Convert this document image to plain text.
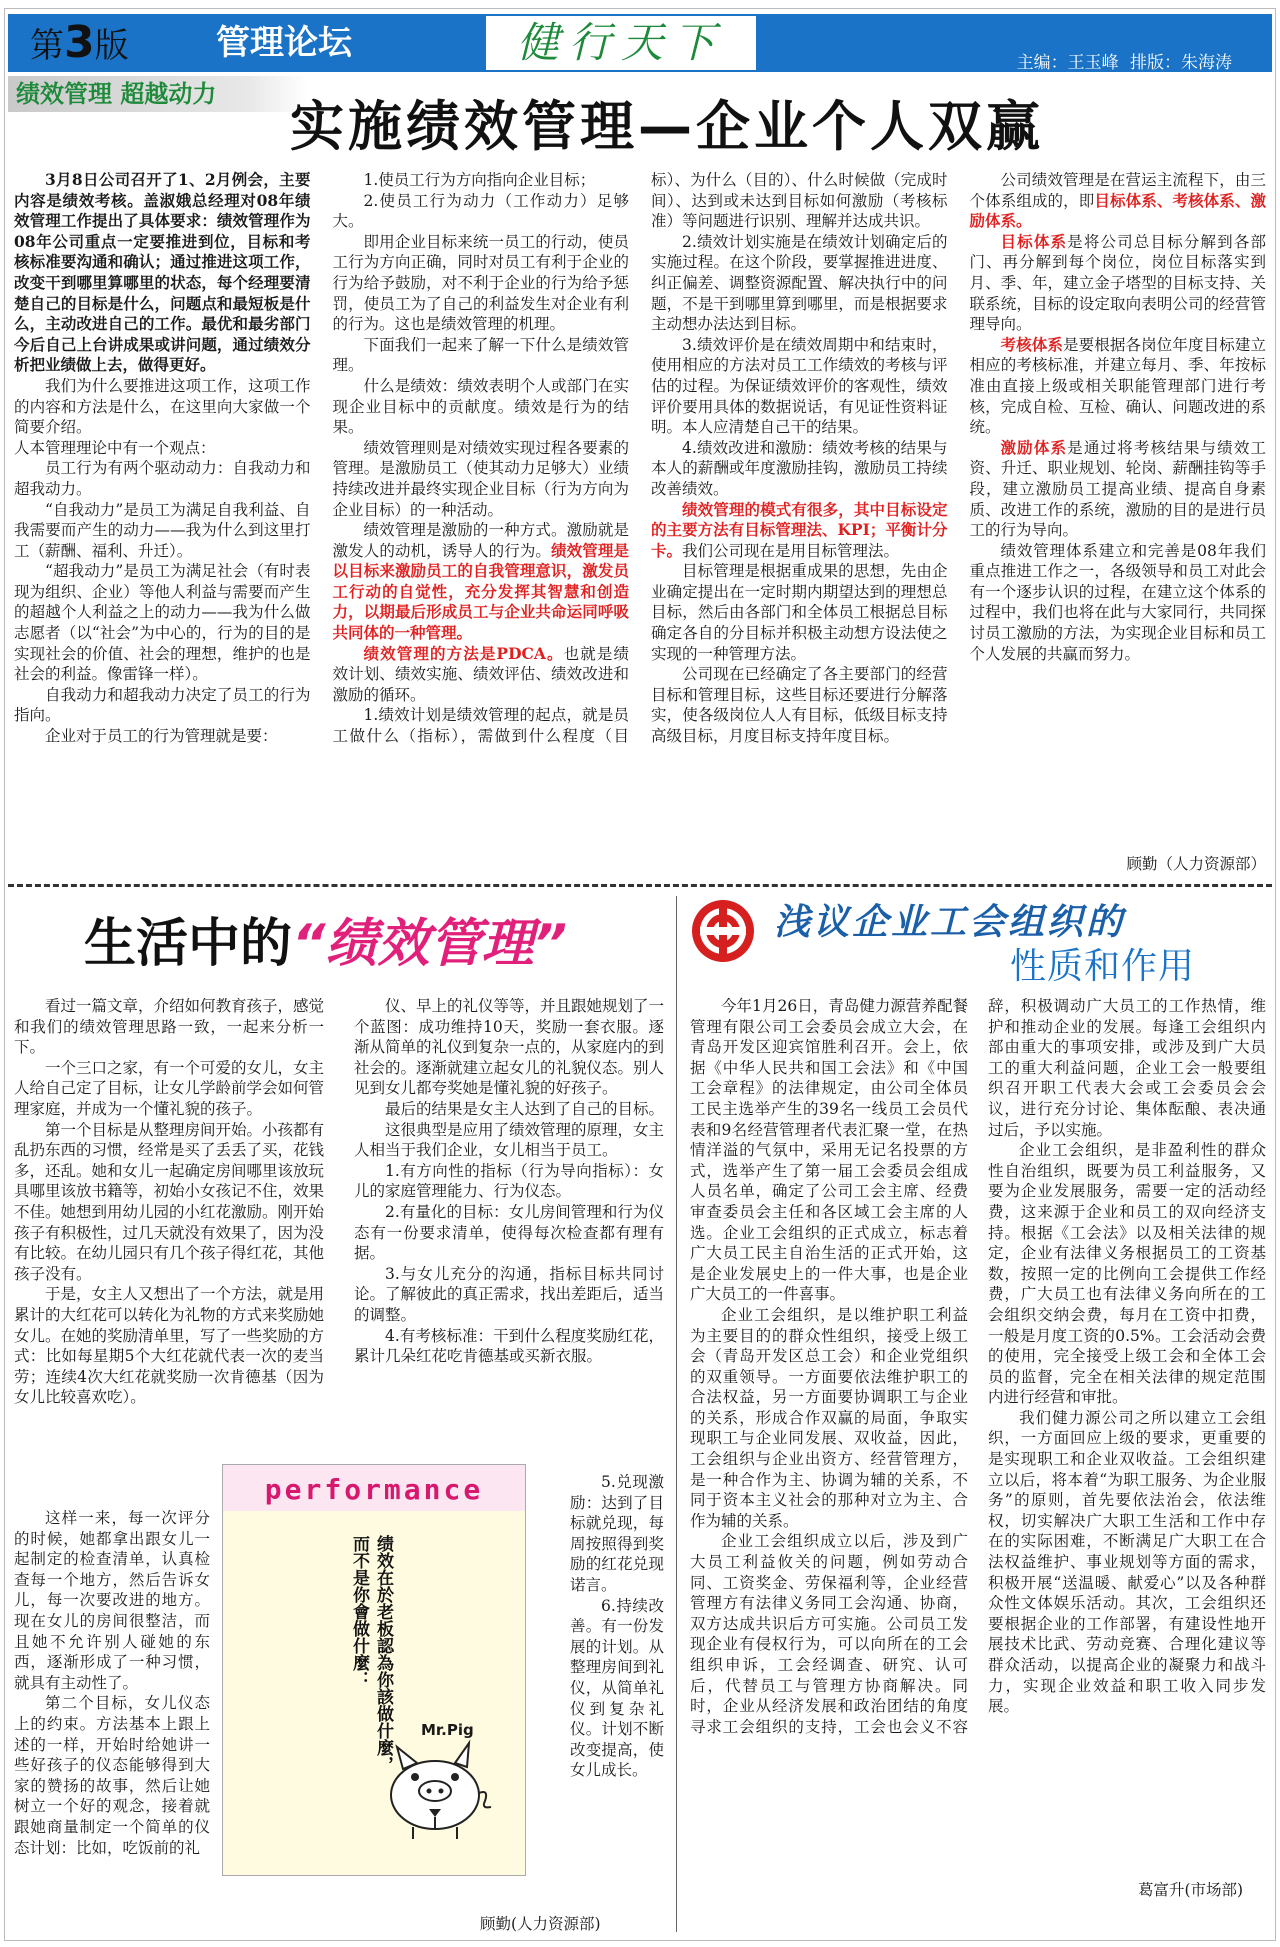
第3版	管理论坛	健行天下	主编：王玉峰 排版：朱海涛
绩效管理 超越动力
实施绩效管理—企业个人双赢

3月8日公司召开了1、2月例会，主要内容是绩效考核。盖淑娥总经理对08年绩效管理工作提出了具体要求：绩效管理作为08年公司重点一定要推进到位，目标和考核标准要沟通和确认；通过推进这项工作，改变干到哪里算哪里的状态，每个经理要清楚自己的目标是什么，问题点和最短板是什么，主动改进自己的工作。最优和最劣部门今后自己上台讲成果或讲问题，通过绩效分析把业绩做上去，做得更好。

我们为什么要推进这项工作，这项工作的内容和方法是什么，在这里向大家做一个简要介绍。

人本管理理论中有一个观点：

员工行为有两个驱动动力：自我动力和超我动力。

“自我动力”是员工为满足自我利益、自我需要而产生的动力——我为什么到这里打工（薪酬、福利、升迁）。

“超我动力”是员工为满足社会（有时表现为组织、企业）等他人利益与需要而产生的超越个人利益之上的动力——我为什么做志愿者（以“社会”为中心的，行为的目的是实现社会的价值、社会的理想，维护的也是社会的利益。像雷锋一样）。

自我动力和超我动力决定了员工的行为指向。

企业对于员工的行为管理就是要：

1.使员工行为方向指向企业目标；

2.使员工行为动力（工作动力）足够大。

即用企业目标来统一员工的行动，使员工行为方向正确，同时对员工有利于企业的行为给予鼓励，对不利于企业的行为给予惩罚，使员工为了自己的利益发生对企业有利的行为。这也是绩效管理的机理。

下面我们一起来了解一下什么是绩效管理。

什么是绩效：绩效表明个人或部门在实现企业目标中的贡献度。绩效是行为的结果。

绩效管理则是对绩效实现过程各要素的管理。是激励员工（使其动力足够大）业绩持续改进并最终实现企业目标（行为方向为企业目标）的一种活动。

绩效管理是激励的一种方式。激励就是激发人的动机，诱导人的行为。绩效管理是以目标来激励员工的自我管理意识，激发员工行动的自觉性，充分发挥其智慧和创造力，以期最后形成员工与企业共命运同呼吸共同体的一种管理。

绩效管理的方法是PDCA。也就是绩效计划、绩效实施、绩效评估、绩效改进和激励的循环。

1.绩效计划是绩效管理的起点，就是员工做什么（指标），需做到什么程度（目标）、为什么（目的）、什么时候做（完成时间）、达到或未达到目标如何激励（考核标准）等问题进行识别、理解并达成共识。

2.绩效计划实施是在绩效计划确定后的实施过程。在这个阶段，要掌握推进进度、纠正偏差、调整资源配置、解决执行中的问题，不是干到哪里算到哪里，而是根据要求主动想办法达到目标。

3.绩效评价是在绩效周期中和结束时，使用相应的方法对员工工作绩效的考核与评估的过程。为保证绩效评价的客观性，绩效评价要用具体的数据说话，有见证性资料证明。本人应清楚自己干的结果。

4.绩效改进和激励：绩效考核的结果与本人的薪酬或年度激励挂钩，激励员工持续改善绩效。

绩效管理的模式有很多，其中目标设定的主要方法有目标管理法、KPI；平衡计分卡。我们公司现在是用目标管理法。

目标管理是根据重成果的思想，先由企业确定提出在一定时期内期望达到的理想总目标，然后由各部门和全体员工根据总目标确定各自的分目标并积极主动想方设法使之实现的一种管理方法。

公司现在已经确定了各主要部门的经营目标和管理目标，这些目标还要进行分解落实，使各级岗位人人有目标，低级目标支持高级目标，月度目标支持年度目标。

公司绩效管理是在营运主流程下，由三个体系组成的，即目标体系、考核体系、激励体系。

目标体系是将公司总目标分解到各部门、再分解到每个岗位，岗位目标落实到月、季、年，建立金子塔型的目标支持、关联系统，目标的设定取向表明公司的经营管理导向。

考核体系是要根据各岗位年度目标建立相应的考核标准，并建立每月、季、年按标准由直接上级或相关职能管理部门进行考核，完成自检、互检、确认、问题改进的系统。

激励体系是通过将考核结果与绩效工资、升迁、职业规划、轮岗、薪酬挂钩等手段，建立激励员工提高业绩、提高自身素质、改进工作的系统，激励的目的是进行员工的行为导向。

绩效管理体系建立和完善是08年我们重点推进工作之一，各级领导和员工对此会有一个逐步认识的过程，在建立这个体系的过程中，我们也将在此与大家同行，共同探讨员工激励的方法，为实现企业目标和员工个人发展的共赢而努力。

顾勤（人力资源部）
生活中的“绩效管理”

看过一篇文章，介绍如何教育孩子，感觉和我们的绩效管理思路一致，一起来分析一下。

一个三口之家，有一个可爱的女儿，女主人给自己定了目标，让女儿学龄前学会如何管理家庭，并成为一个懂礼貌的孩子。

第一个目标是从整理房间开始。小孩都有乱扔东西的习惯，经常是买了丢丢了买，花钱多，还乱。她和女儿一起确定房间哪里该放玩具哪里该放书籍等，初始小女孩记不住，效果不佳。她想到用幼儿园的小红花激励。刚开始孩子有积极性，过几天就没有效果了，因为没有比较。在幼儿园只有几个孩子得红花，其他孩子没有。

于是，女主人又想出了一个方法，就是用累计的大红花可以转化为礼物的方式来奖励她女儿。在她的奖励清单里，写了一些奖励的方式：比如每星期5个大红花就代表一次的麦当劳；连续4次大红花就奖励一次肯德基（因为女儿比较喜欢吃）。

这样一来，每一次评分的时候，她都拿出跟女儿一起制定的检查清单，认真检查每一个地方，然后告诉女儿，每一次要改进的地方。现在女儿的房间很整洁，而且她不允许别人碰她的东西，逐渐形成了一种习惯，就具有主动性了。

第二个目标，女儿仪态上的约束。方法基本上跟上述的一样，开始时给她讲一些好孩子的仪态能够得到大家的赞扬的故事，然后让她树立一个好的观念，接着就跟她商量制定一个简单的仪态计划：比如，吃饭前的礼

仪、早上的礼仪等等，并且跟她规划了一个蓝图：成功维持10天，奖励一套衣服。逐渐从简单的礼仪到复杂一点的，从家庭内的到社会的。逐渐就建立起女儿的礼貌仪态。别人见到女儿都夸奖她是懂礼貌的好孩子。

最后的结果是女主人达到了自己的目标。

这很典型是应用了绩效管理的原理，女主人相当于我们企业，女儿相当于员工。

1.有方向性的指标（行为导向指标）：女儿的家庭管理能力、行为仪态。

2.有量化的目标：女儿房间管理和行为仪态有一份要求清单，使得每次检查都有理有据。

3.与女儿充分的沟通，指标目标共同讨论。了解彼此的真正需求，找出差距后，适当的调整。

4.有考核标准：干到什么程度奖励红花，累计几朵红花吃肯德基或买新衣服。

5.兑现激励：达到了目标就兑现，每周按照得到奖励的红花兑现诺言。

6.持续改善。有一份发展的计划。从整理房间到礼仪，从简单礼仪到复杂礼仪。计划不断改变提高，使女儿成长。

顾勤(人力资源部)
performance
绩效在於老板認為你該做什麼，而不是你會做什麼：
Mr.Pig
浅议企业工会组织的
性质和作用

今年1月26日，青岛健力源营养配餐管理有限公司工会委员会成立大会，在青岛开发区迎宾馆胜利召开。会上，依据《中华人民共和国工会法》和《中国工会章程》的法律规定，由公司全体员工民主选举产生的39名一线员工会员代表和9名经营管理者代表汇聚一堂，在热情洋溢的气氛中，采用无记名投票的方式，选举产生了第一届工会委员会组成人员名单，确定了公司工会主席、经费审查委员会主任和各区域工会主席的人选。企业工会组织的正式成立，标志着广大员工民主自治生活的正式开始，这是企业发展史上的一件大事，也是企业广大员工的一件喜事。

企业工会组织，是以维护职工利益为主要目的的群众性组织，接受上级工会（青岛开发区总工会）和企业党组织的双重领导。一方面要依法维护职工的合法权益，另一方面要协调职工与企业的关系，形成合作双赢的局面，争取实现职工与企业同发展、双收益，因此，工会组织与企业出资方、经营管理方，是一种合作为主、协调为辅的关系，不同于资本主义社会的那种对立为主、合作为辅的关系。

企业工会组织成立以后，涉及到广大员工利益攸关的问题，例如劳动合同、工资奖金、劳保福利等，企业经营管理方有法律义务同工会沟通、协商，双方达成共识后方可实施。公司员工发现企业有侵权行为，可以向所在的工会组织申诉，工会经调查、研究、认可后，代替员工与管理方协商解决。同时，企业从经济发展和政治团结的角度寻求工会组织的支持，工会也会义不容辞，积极调动广大员工的工作热情，维护和推动企业的发展。每逢工会组织内部由重大的事项安排，或涉及到广大员工的重大利益问题，企业工会一般要组织召开职工代表大会或工会委员会会议，进行充分讨论、集体酝酿、表决通过后，予以实施。

企业工会组织，是非盈利性的群众性自治组织，既要为员工利益服务，又要为企业发展服务，需要一定的活动经费，这来源于企业和员工的双向经济支持。根据《工会法》以及相关法律的规定，企业有法律义务根据员工的工资基数，按照一定的比例向工会提供工作经费，广大员工也有法律义务向所在的工会组织交纳会费，每月在工资中扣费，一般是月度工资的0.5%。工会活动会费的使用，完全接受上级工会和全体工会员的监督，完全在相关法律的规定范围内进行经营和审批。

我们健力源公司之所以建立工会组织，一方面回应上级的要求，更重要的是实现职工和企业双收益。工会组织建立以后，将本着“为职工服务、为企业服务”的原则，首先要依法治会，依法维权，切实解决广大职工生活和工作中存在的实际困难，不断满足广大职工在合法权益维护、事业规划等方面的需求，积极开展“送温暖、献爱心”以及各种群众性文体娱乐活动。其次，工会组织还要根据企业的工作部署，有建设性地开展技术比武、劳动竞赛、合理化建议等群众活动，以提高企业的凝聚力和战斗力，实现企业效益和职工收入同步发展。

葛富升(市场部)
